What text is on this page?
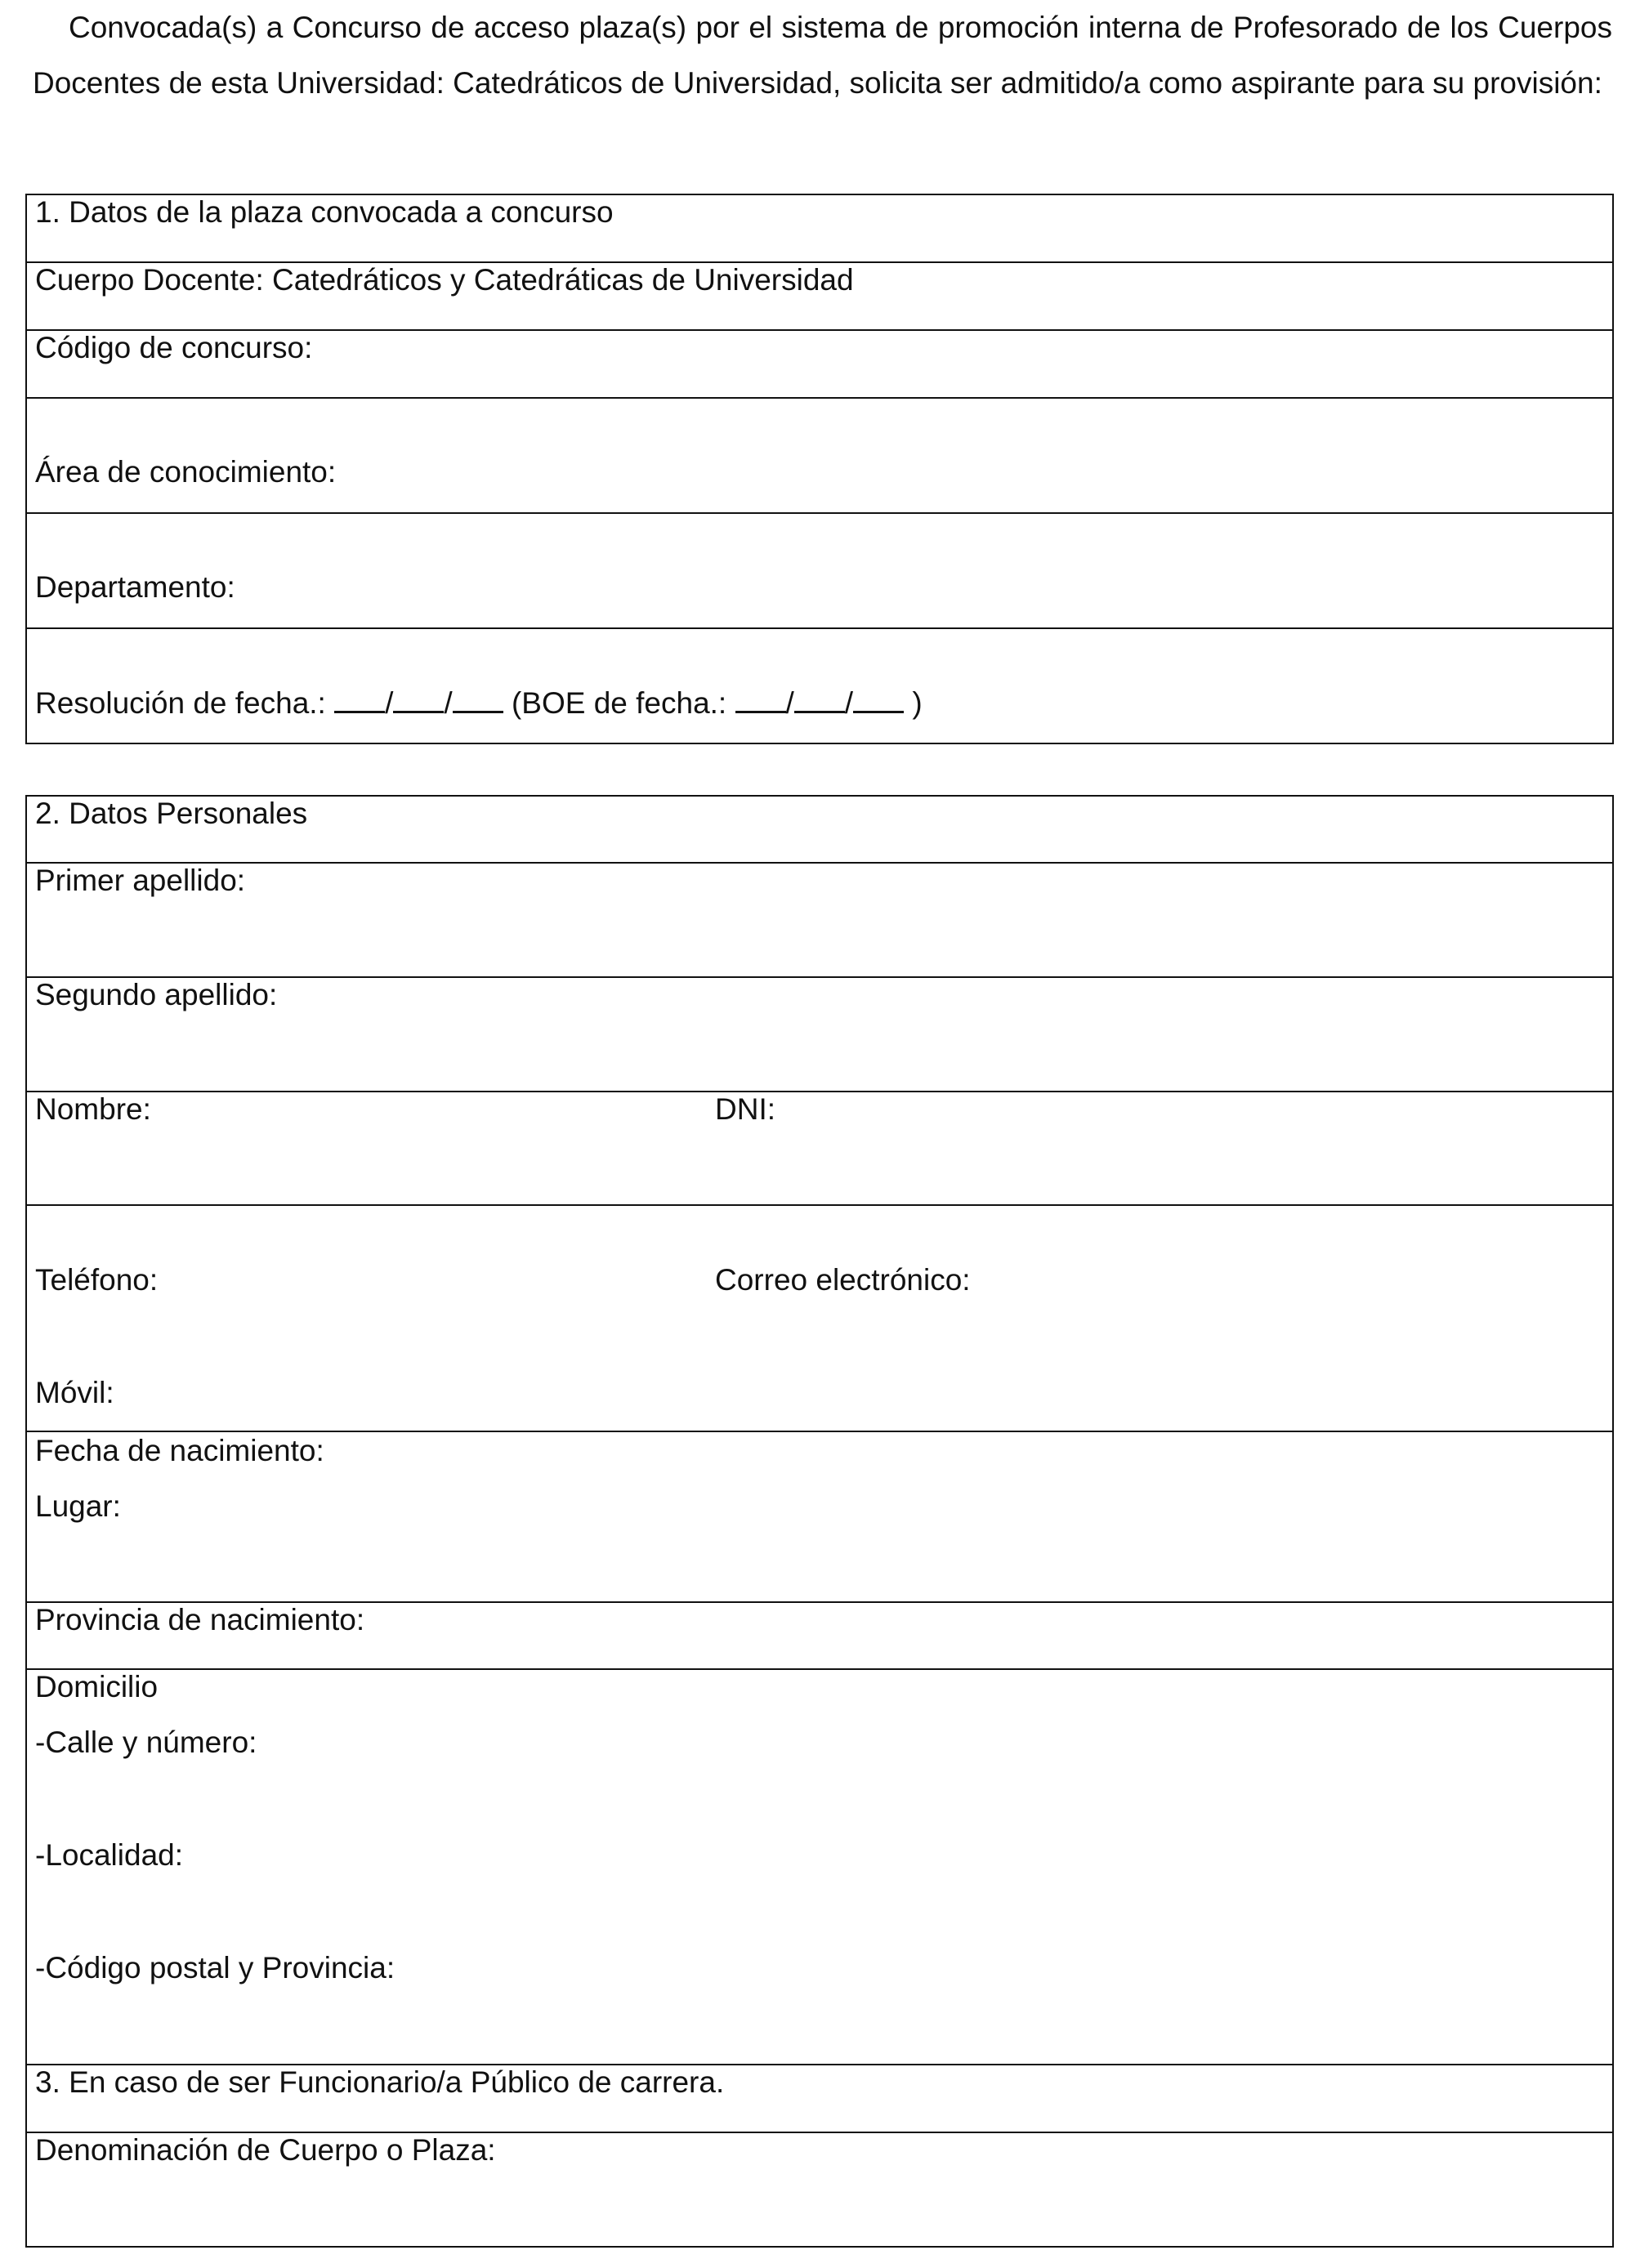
Convocada(s) a Concurso de acceso plaza(s) por el sistema de promoción interna de Profesorado de los Cuerpos Docentes de esta Universidad: Catedráticos de Universidad, solicita ser admitido/a como aspirante para su provisión:

1. Datos de la plaza convocada a concurso
Cuerpo Docente: Catedráticos y Catedráticas de Universidad
Código de concurso:
Área de conocimiento:
Departamento:
Resolución de fecha.: / / (BOE de fecha.: / / )
2. Datos Personales
Primer apellido:
Segundo apellido:

Nombre:	DNI:

Teléfono:	Correo electrónico:
Móvil:

Fecha de nacimiento:
Lugar:

Provincia de nacimiento:

Domicilio
-Calle y número:
-Localidad:
-Código postal y Provincia:

3. En caso de ser Funcionario/a Público de carrera.
Denominación de Cuerpo o Plaza:
